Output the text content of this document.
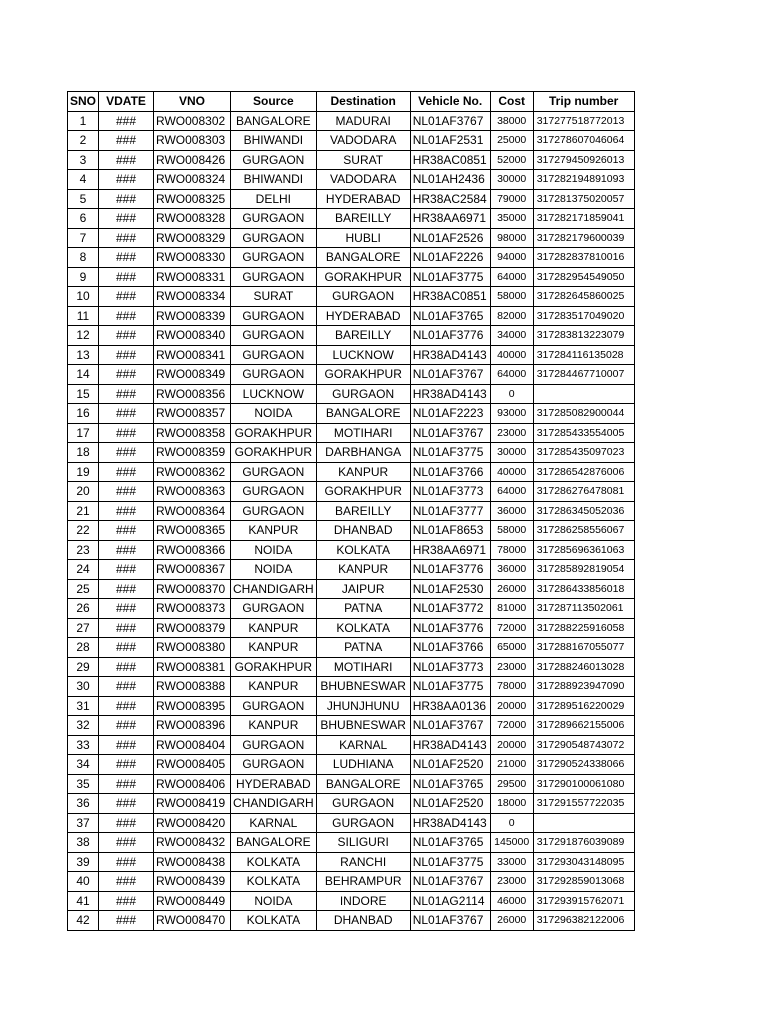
SNO	VDATE	VNO	Source	Destination	Vehicle No.	Cost	Trip number
1	###	RWO008302	BANGALORE	MADURAI	NL01AF3767	38000	317277518772013
2	###	RWO008303	BHIWANDI	VADODARA	NL01AF2531	25000	317278607046064
3	###	RWO008426	GURGAON	SURAT	HR38AC0851	52000	317279450926013
4	###	RWO008324	BHIWANDI	VADODARA	NL01AH2436	30000	317282194891093
5	###	RWO008325	DELHI	HYDERABAD	HR38AC2584	79000	317281375020057
6	###	RWO008328	GURGAON	BAREILLY	HR38AA6971	35000	317282171859041
7	###	RWO008329	GURGAON	HUBLI	NL01AF2526	98000	317282179600039
8	###	RWO008330	GURGAON	BANGALORE	NL01AF2226	94000	317282837810016
9	###	RWO008331	GURGAON	GORAKHPUR	NL01AF3775	64000	317282954549050
10	###	RWO008334	SURAT	GURGAON	HR38AC0851	58000	317282645860025
11	###	RWO008339	GURGAON	HYDERABAD	NL01AF3765	82000	317283517049020
12	###	RWO008340	GURGAON	BAREILLY	NL01AF3776	34000	317283813223079
13	###	RWO008341	GURGAON	LUCKNOW	HR38AD4143	40000	317284116135028
14	###	RWO008349	GURGAON	GORAKHPUR	NL01AF3767	64000	317284467710007
15	###	RWO008356	LUCKNOW	GURGAON	HR38AD4143	0	
16	###	RWO008357	NOIDA	BANGALORE	NL01AF2223	93000	317285082900044
17	###	RWO008358	GORAKHPUR	MOTIHARI	NL01AF3767	23000	317285433554005
18	###	RWO008359	GORAKHPUR	DARBHANGA	NL01AF3775	30000	317285435097023
19	###	RWO008362	GURGAON	KANPUR	NL01AF3766	40000	317286542876006
20	###	RWO008363	GURGAON	GORAKHPUR	NL01AF3773	64000	317286276478081
21	###	RWO008364	GURGAON	BAREILLY	NL01AF3777	36000	317286345052036
22	###	RWO008365	KANPUR	DHANBAD	NL01AF8653	58000	317286258556067
23	###	RWO008366	NOIDA	KOLKATA	HR38AA6971	78000	317285696361063
24	###	RWO008367	NOIDA	KANPUR	NL01AF3776	36000	317285892819054
25	###	RWO008370	CHANDIGARH	JAIPUR	NL01AF2530	26000	317286433856018
26	###	RWO008373	GURGAON	PATNA	NL01AF3772	81000	317287113502061
27	###	RWO008379	KANPUR	KOLKATA	NL01AF3776	72000	317288225916058
28	###	RWO008380	KANPUR	PATNA	NL01AF3766	65000	317288167055077
29	###	RWO008381	GORAKHPUR	MOTIHARI	NL01AF3773	23000	317288246013028
30	###	RWO008388	KANPUR	BHUBNESWAR	NL01AF3775	78000	317288923947090
31	###	RWO008395	GURGAON	JHUNJHUNU	HR38AA0136	20000	317289516220029
32	###	RWO008396	KANPUR	BHUBNESWAR	NL01AF3767	72000	317289662155006
33	###	RWO008404	GURGAON	KARNAL	HR38AD4143	20000	317290548743072
34	###	RWO008405	GURGAON	LUDHIANA	NL01AF2520	21000	317290524338066
35	###	RWO008406	HYDERABAD	BANGALORE	NL01AF3765	29500	317290100061080
36	###	RWO008419	CHANDIGARH	GURGAON	NL01AF2520	18000	317291557722035
37	###	RWO008420	KARNAL	GURGAON	HR38AD4143	0	
38	###	RWO008432	BANGALORE	SILIGURI	NL01AF3765	145000	317291876039089
39	###	RWO008438	KOLKATA	RANCHI	NL01AF3775	33000	317293043148095
40	###	RWO008439	KOLKATA	BEHRAMPUR	NL01AF3767	23000	317292859013068
41	###	RWO008449	NOIDA	INDORE	NL01AG2114	46000	317293915762071
42	###	RWO008470	KOLKATA	DHANBAD	NL01AF3767	26000	317296382122006
